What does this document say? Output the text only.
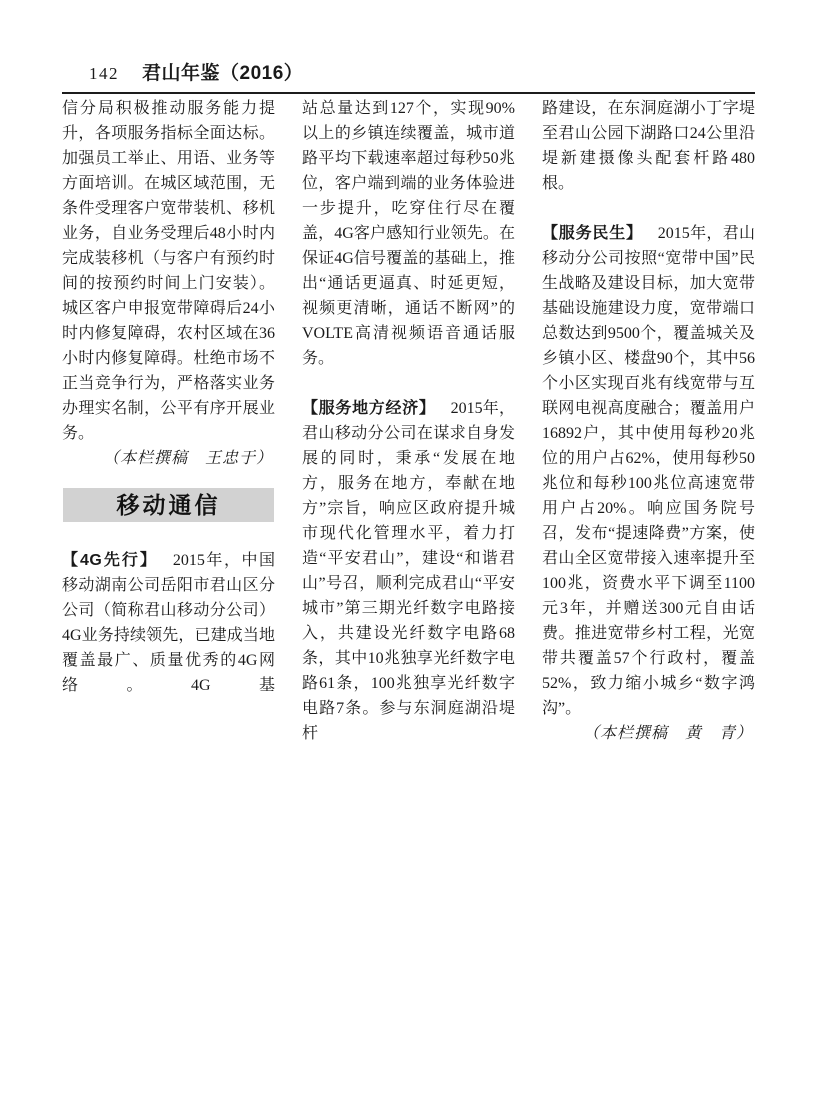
142 君山年鉴（2016）

信分局积极推动服务能力提升，各项服务指标全面达标。加强员工举止、用语、业务等方面培训。在城区域范围，无条件受理客户宽带装机、移机业务，自业务受理后48小时内完成装移机（与客户有预约时间的按预约时间上门安装）。城区客户申报宽带障碍后24小时内修复障碍，农村区域在36小时内修复障碍。杜绝市场不正当竞争行为，严格落实业务办理实名制，公平有序开展业务。

（本栏撰稿　王忠于）

移动通信

【4G先行】 2015年，中国移动湖南公司岳阳市君山区分公司（简称君山移动分公司）4G业务持续领先，已建成当地覆盖最广、质量优秀的4G网络。4G基

站总量达到127个，实现90%以上的乡镇连续覆盖，城市道路平均下载速率超过每秒50兆位，客户端到端的业务体验进一步提升，吃穿住行尽在覆盖，4G客户感知行业领先。在保证4G信号覆盖的基础上，推出“通话更逼真、时延更短，视频更清晰，通话不断网”的VOLTE高清视频语音通话服务。

【服务地方经济】 2015年，君山移动分公司在谋求自身发展的同时，秉承“发展在地方，服务在地方，奉献在地方”宗旨，响应区政府提升城市现代化管理水平，着力打造“平安君山”，建设“和谐君山”号召，顺利完成君山“平安城市”第三期光纤数字电路接入，共建设光纤数字电路68条，其中10兆独享光纤数字电路61条，100兆独享光纤数字电路7条。参与东洞庭湖沿堤杆

路建设，在东洞庭湖小丁字堤至君山公园下湖路口24公里沿堤新建摄像头配套杆路480根。

【服务民生】 2015年，君山移动分公司按照“宽带中国”民生战略及建设目标，加大宽带基础设施建设力度，宽带端口总数达到9500个，覆盖城关及乡镇小区、楼盘90个，其中56个小区实现百兆有线宽带与互联网电视高度融合；覆盖用户16892户，其中使用每秒20兆位的用户占62%，使用每秒50兆位和每秒100兆位高速宽带用户占20%。响应国务院号召，发布“提速降费”方案，使君山全区宽带接入速率提升至100兆，资费水平下调至1100元3年，并赠送300元自由话费。推进宽带乡村工程，光宽带共覆盖57个行政村，覆盖52%，致力缩小城乡“数字鸿沟”。

（本栏撰稿　黄　青）
